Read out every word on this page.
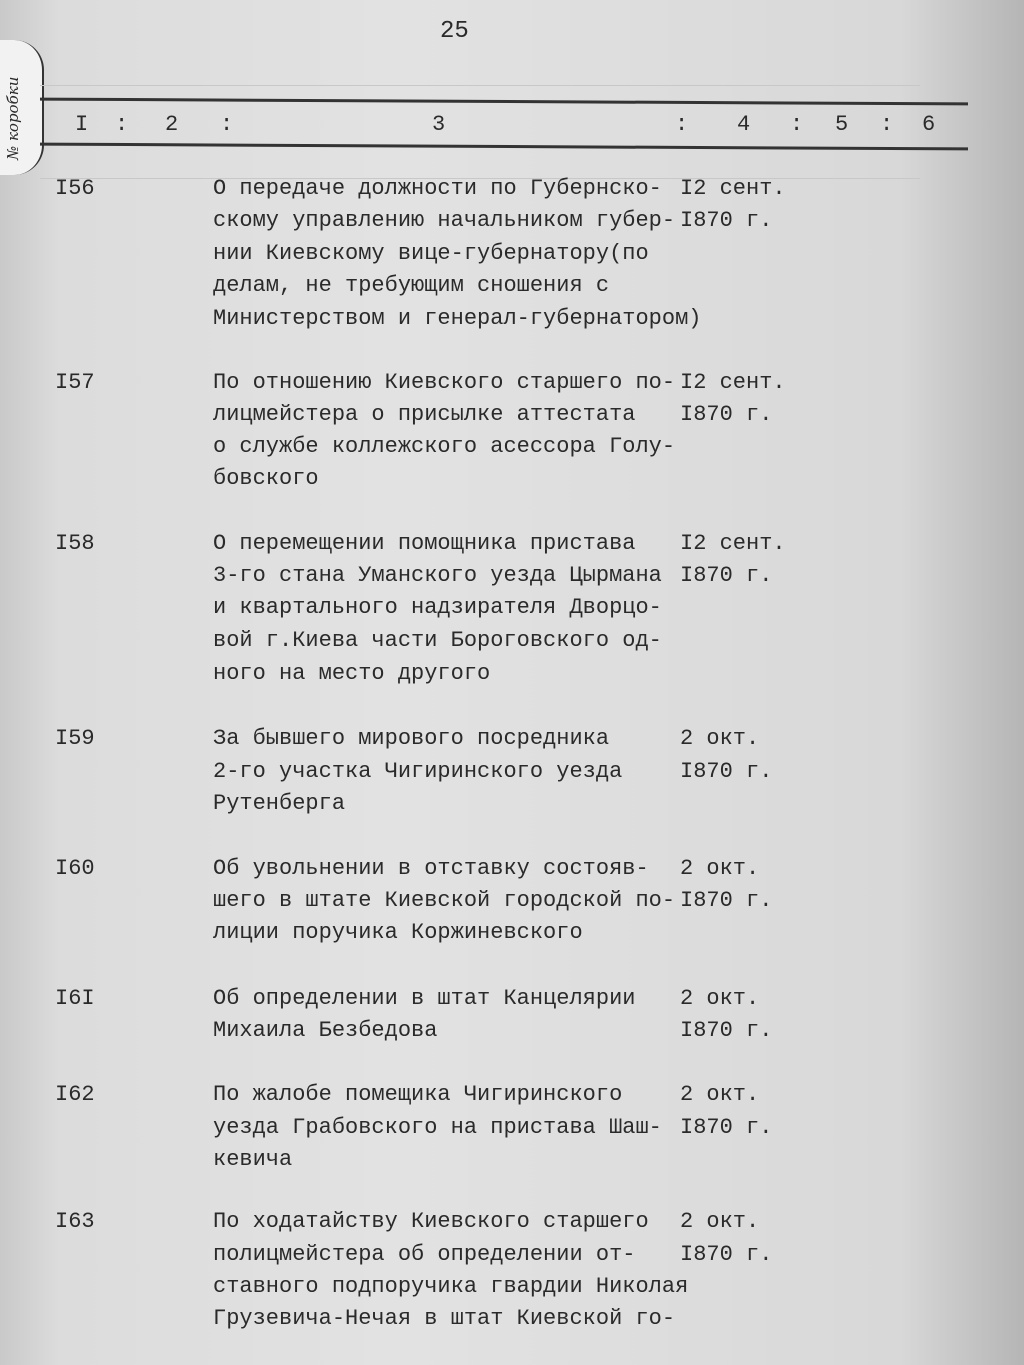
25
№ коробки I : 2 :	3	: 4 : 5 : 6
I56	О передаче должности по Губернско- I2 сент.
скому управлению начальником губер- I870 г.
нии Киевскому вице-губернатору(по
делам, не требующим сношения с
Министерством и генерал-губернатором)
I57	По отношению Киевского старшего по- I2 сент.
лицмейстера о присылке аттестата I870 г.
о службе коллежского асессора Голу-
бовского
I58	О перемещении помощника пристава I2 сент.
3-го стана Уманского уезда Цырмана I870 г.
и квартального надзирателя Дворцо-
вой г.Киева части Бороговского од-
ного на место другого
I59	За бывшего мирового посредника	2 окт.
2-го участка Чигиринского уезда	I870 г.
Рутенберга
I60	Об увольнении в отставку состояв- 2 окт.
шего в штате Киевской городской по- I870 г.
лиции поручика Коржиневского
I6I	Об определении в штат Канцелярии 2 окт.
Михаила Безбедова	I870 г.
I62	По жалобе помещика Чигиринского	2 окт.
уезда Грабовского на пристава Шаш- I870 г.
кевича
I63	По ходатайству Киевского старшего 2 окт.
полицмейстера об определении от- I870 г.
ставного подпоручика гвардии Николая
Грузевича-Нечая в штат Киевской го-
